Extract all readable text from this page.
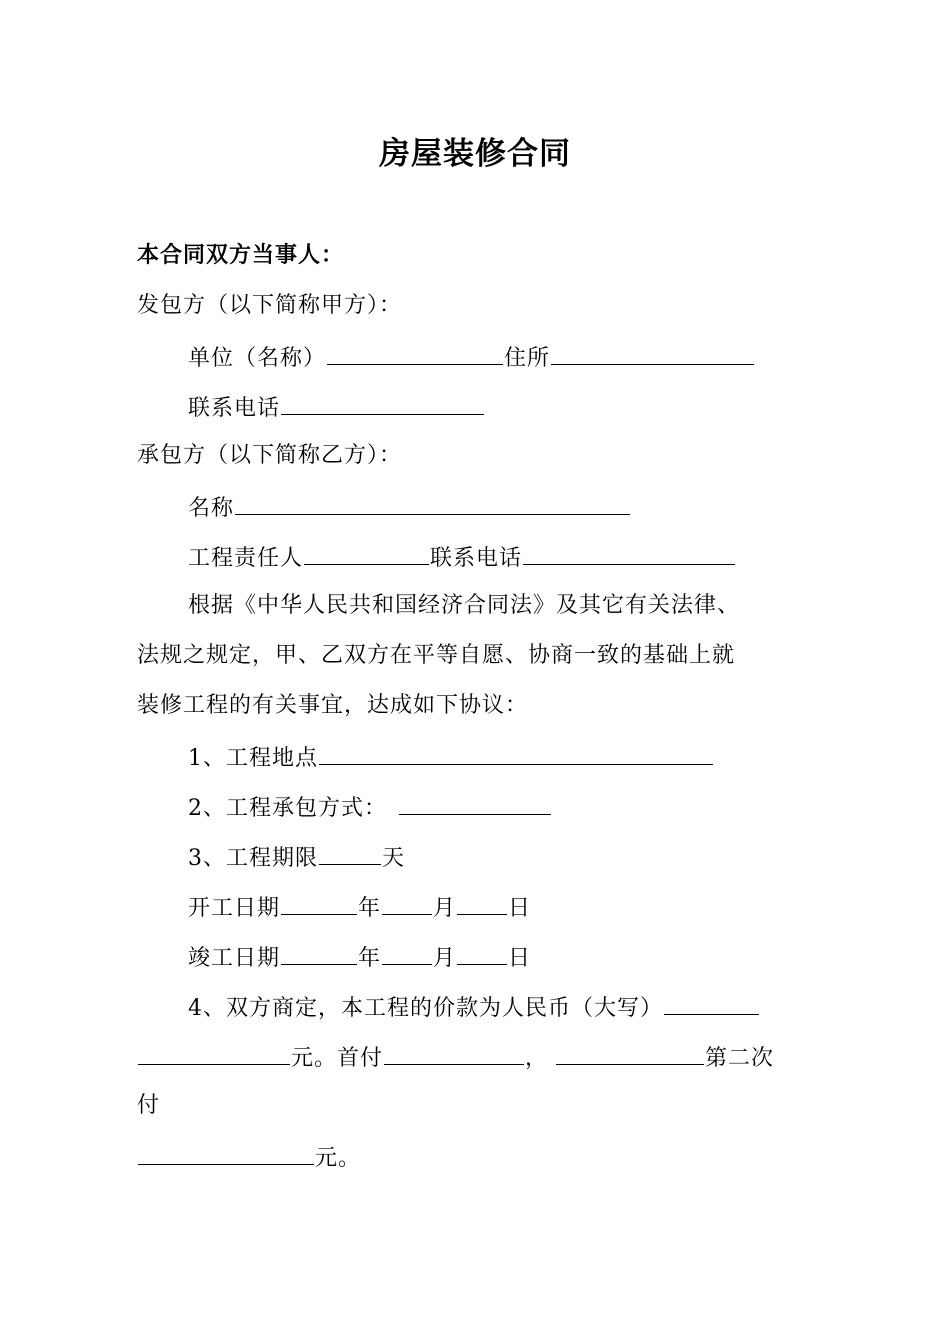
房屋装修合同
本合同双方当事人：
发包方（以下简称甲方）：
单位（名称）	住所
联系电话
承包方（以下简称乙方）：
名称
工程责任人	联系电话
根据《中华人民共和国经济合同法》及其它有关法律、
法规之规定，甲、乙双方在平等自愿、协商一致的基础上就
装修工程的有关事宜，达成如下协议：
1、工程地点
2、工程承包方式：
3、工程期限	天
开工日期	年 月 日
竣工日期	年 月 日
4、双方商定，本工程的价款为人民币（大写）
元。首付	，	第二次
付
元。
